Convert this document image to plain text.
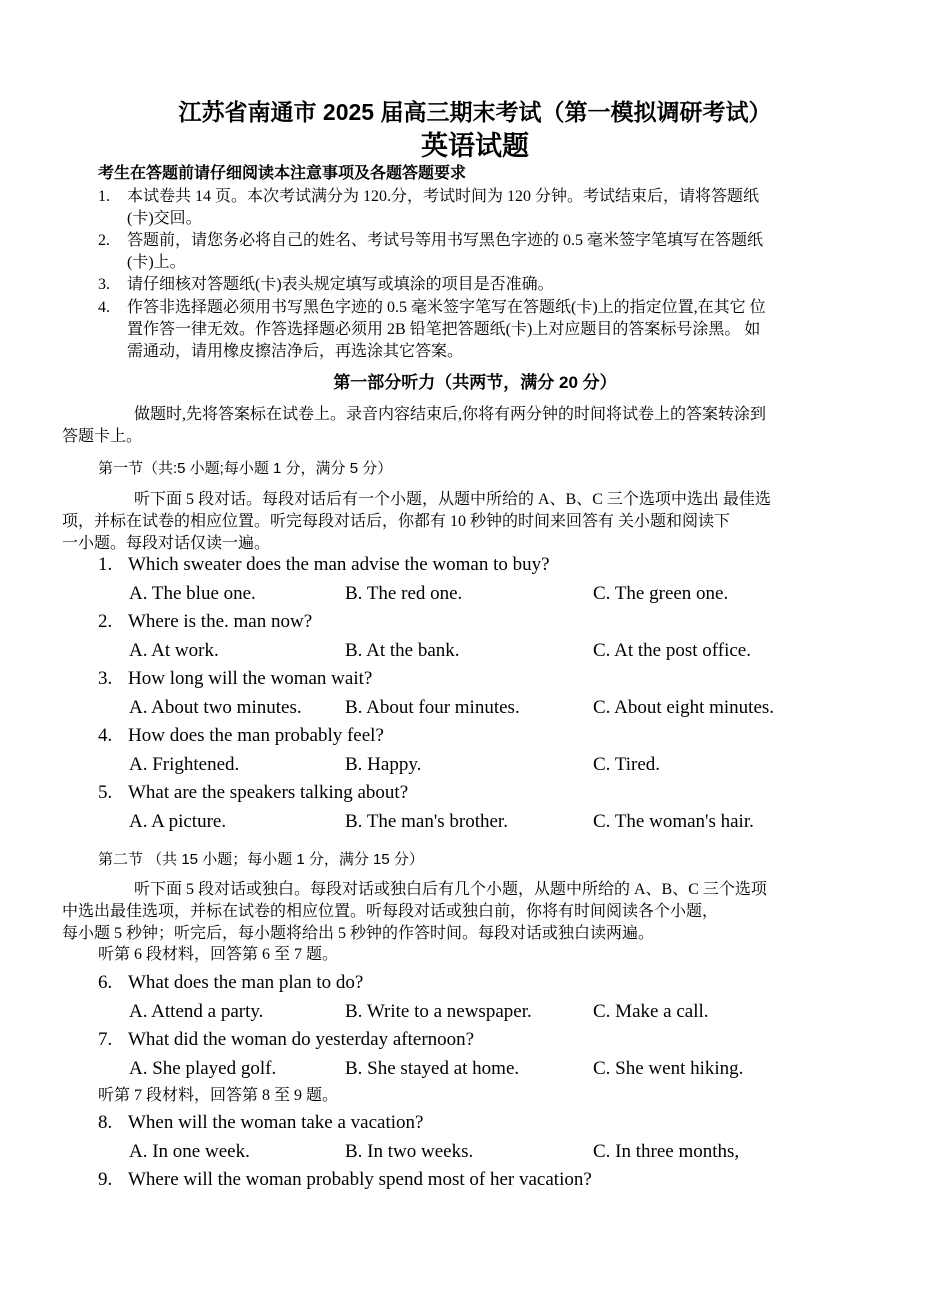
江苏省南通市 2025 届高三期末考试（第一模拟调研考试）
英语试题
考生在答题前请仔细阅读本注意事项及各题答题要求
1. 本试卷共 14 页。本次考试满分为 120.分，考试时间为 120 分钟。考试结束后，请将答题纸
(卡)交回。
2. 答题前，请您务必将自己的姓名、考试号等用书写黑色字迹的 0.5 毫米签字笔填写在答题纸
(卡)上。
3. 请仔细核对答题纸(卡)表头规定填写或填涂的项目是否准确。
4. 作答非选择题必须用书写黑色字迹的 0.5 毫米签字笔写在答题纸(卡)上的指定位置,在其它 位
置作答一律无效。作答选择题必须用 2B 铅笔把答题纸(卡)上对应题目的答案标号涂黑。 如
需通动，请用橡皮擦洁净后，再选涂其它答案。
第一部分听力（共两节，满分 20 分）
做题时,先将答案标在试卷上。录音内容结束后,你将有两分钟的时间将试卷上的答案转涂到
答题卡上。
第一节（共:5 小题;每小题 1 分，满分 5 分）
听下面 5 段对话。每段对话后有一个小题，从题中所给的 A、B、C 三个选项中选出 最佳选
项，并标在试卷的相应位置。听完每段对话后，你都有 10 秒钟的时间来回答有 关小题和阅读下
一小题。每段对话仅读一遍。
1. Which sweater does the man advise the woman to buy?
A. The blue one.	B. The red one.	C. The green one.
2. Where is the. man now?
A. At work.	B. At the bank.	C. At the post office.
3. How long will the woman wait?
A. About two minutes. B. About four minutes.	C. About eight minutes.
4. How does the man probably feel?
A. Frightened.	B. Happy.	C. Tired.
5. What are the speakers talking about?
A. A picture.	B. The man's brother.	C. The woman's hair.
第二节 （共 15 小题；每小题 1 分，满分 15 分）
听下面 5 段对话或独白。每段对话或独白后有几个小题，从题中所给的 A、B、C 三个选项
中选出最佳选项，并标在试卷的相应位置。听每段对话或独白前，你将有时间阅读各个小题，
每小题 5 秒钟；听完后，每小题将给出 5 秒钟的作答时间。每段对话或独白读两遍。
听第 6 段材料，回答第 6 至 7 题。
6. What does the man plan to do?
A. Attend a party.	B. Write to a newspaper.	C. Make a call.
7. What did the woman do yesterday afternoon?
A. She played golf.	B. She stayed at home.	C. She went hiking.
听第 7 段材料，回答第 8 至 9 题。
8. When will the woman take a vacation?
A. In one week.	B. In two weeks.	C. In three months,
9. Where will the woman probably spend most of her vacation?
